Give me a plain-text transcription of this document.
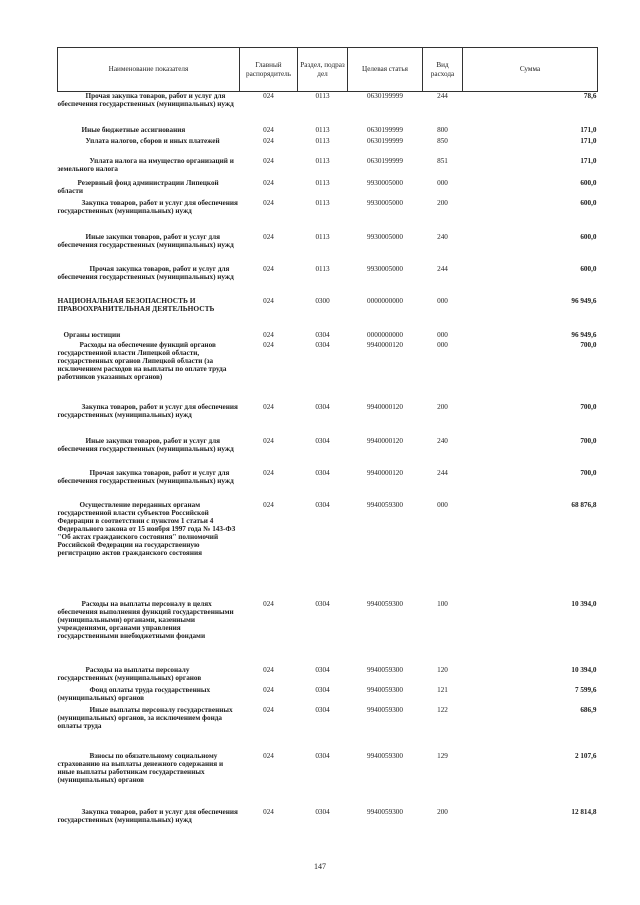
Наименование показателя	Главный распорядитель	Раздел, подраз дел	Целевая статья	Вид расхода	Сумма
Прочая закупка товаров, работ и услуг для обеспечения государственных (муниципальных) нужд	024	0113	0630199999	244	78,6
Иные бюджетные ассигнования	024	0113	0630199999	800	171,0
Уплата налогов, сборов и иных платежей	024	0113	0630199999	850	171,0
Уплата налога на имущество организаций и земельного налога	024	0113	0630199999	851	171,0
Резервный фонд администрации Липецкой области	024	0113	9930005000	000	600,0
Закупка товаров, работ и услуг для обеспечения государственных (муниципальных) нужд	024	0113	9930005000	200	600,0
Иные закупки товаров, работ и услуг для обеспечения государственных (муниципальных) нужд	024	0113	9930005000	240	600,0
Прочая закупка товаров, работ и услуг для обеспечения государственных (муниципальных) нужд	024	0113	9930005000	244	600,0
НАЦИОНАЛЬНАЯ БЕЗОПАСНОСТЬ И ПРАВООХРАНИТЕЛЬНАЯ ДЕЯТЕЛЬНОСТЬ	024	0300	0000000000	000	96 949,6
Органы юстиции	024	0304	0000000000	000	96 949,6
Расходы на обеспечение функций органов государственной власти Липецкой области, государственных органов Липецкой области (за исключением расходов на выплаты по оплате труда работников указанных органов)	024	0304	9940000120	000	700,0
Закупка товаров, работ и услуг для обеспечения государственных (муниципальных) нужд	024	0304	9940000120	200	700,0
Иные закупки товаров, работ и услуг для обеспечения государственных (муниципальных) нужд	024	0304	9940000120	240	700,0
Прочая закупка товаров, работ и услуг для обеспечения государственных (муниципальных) нужд	024	0304	9940000120	244	700,0
Осуществление переданных органам государственной власти субъектов Российской Федерации в соответствии с пунктом 1 статьи 4 Федерального закона от 15 ноября 1997 года № 143-ФЗ "Об актах гражданского состояния" полномочий Российской Федерации на государственную регистрацию актов гражданского состояния	024	0304	9940059300	000	68 876,8
Расходы на выплаты персоналу в целях обеспечения выполнения функций государственными (муниципальными) органами, казенными учреждениями, органами управления государственными внебюджетными фондами	024	0304	9940059300	100	10 394,0
Расходы на выплаты персоналу государственных (муниципальных) органов	024	0304	9940059300	120	10 394,0
Фонд оплаты труда государственных (муниципальных) органов	024	0304	9940059300	121	7 599,6
Иные выплаты персоналу государственных (муниципальных) органов, за исключением фонда оплаты труда	024	0304	9940059300	122	686,9
Взносы по обязательному социальному страхованию на выплаты денежного содержания и иные выплаты работникам государственных (муниципальных) органов	024	0304	9940059300	129	2 107,6
Закупка товаров, работ и услуг для обеспечения государственных (муниципальных) нужд	024	0304	9940059300	200	12 814,8
147
